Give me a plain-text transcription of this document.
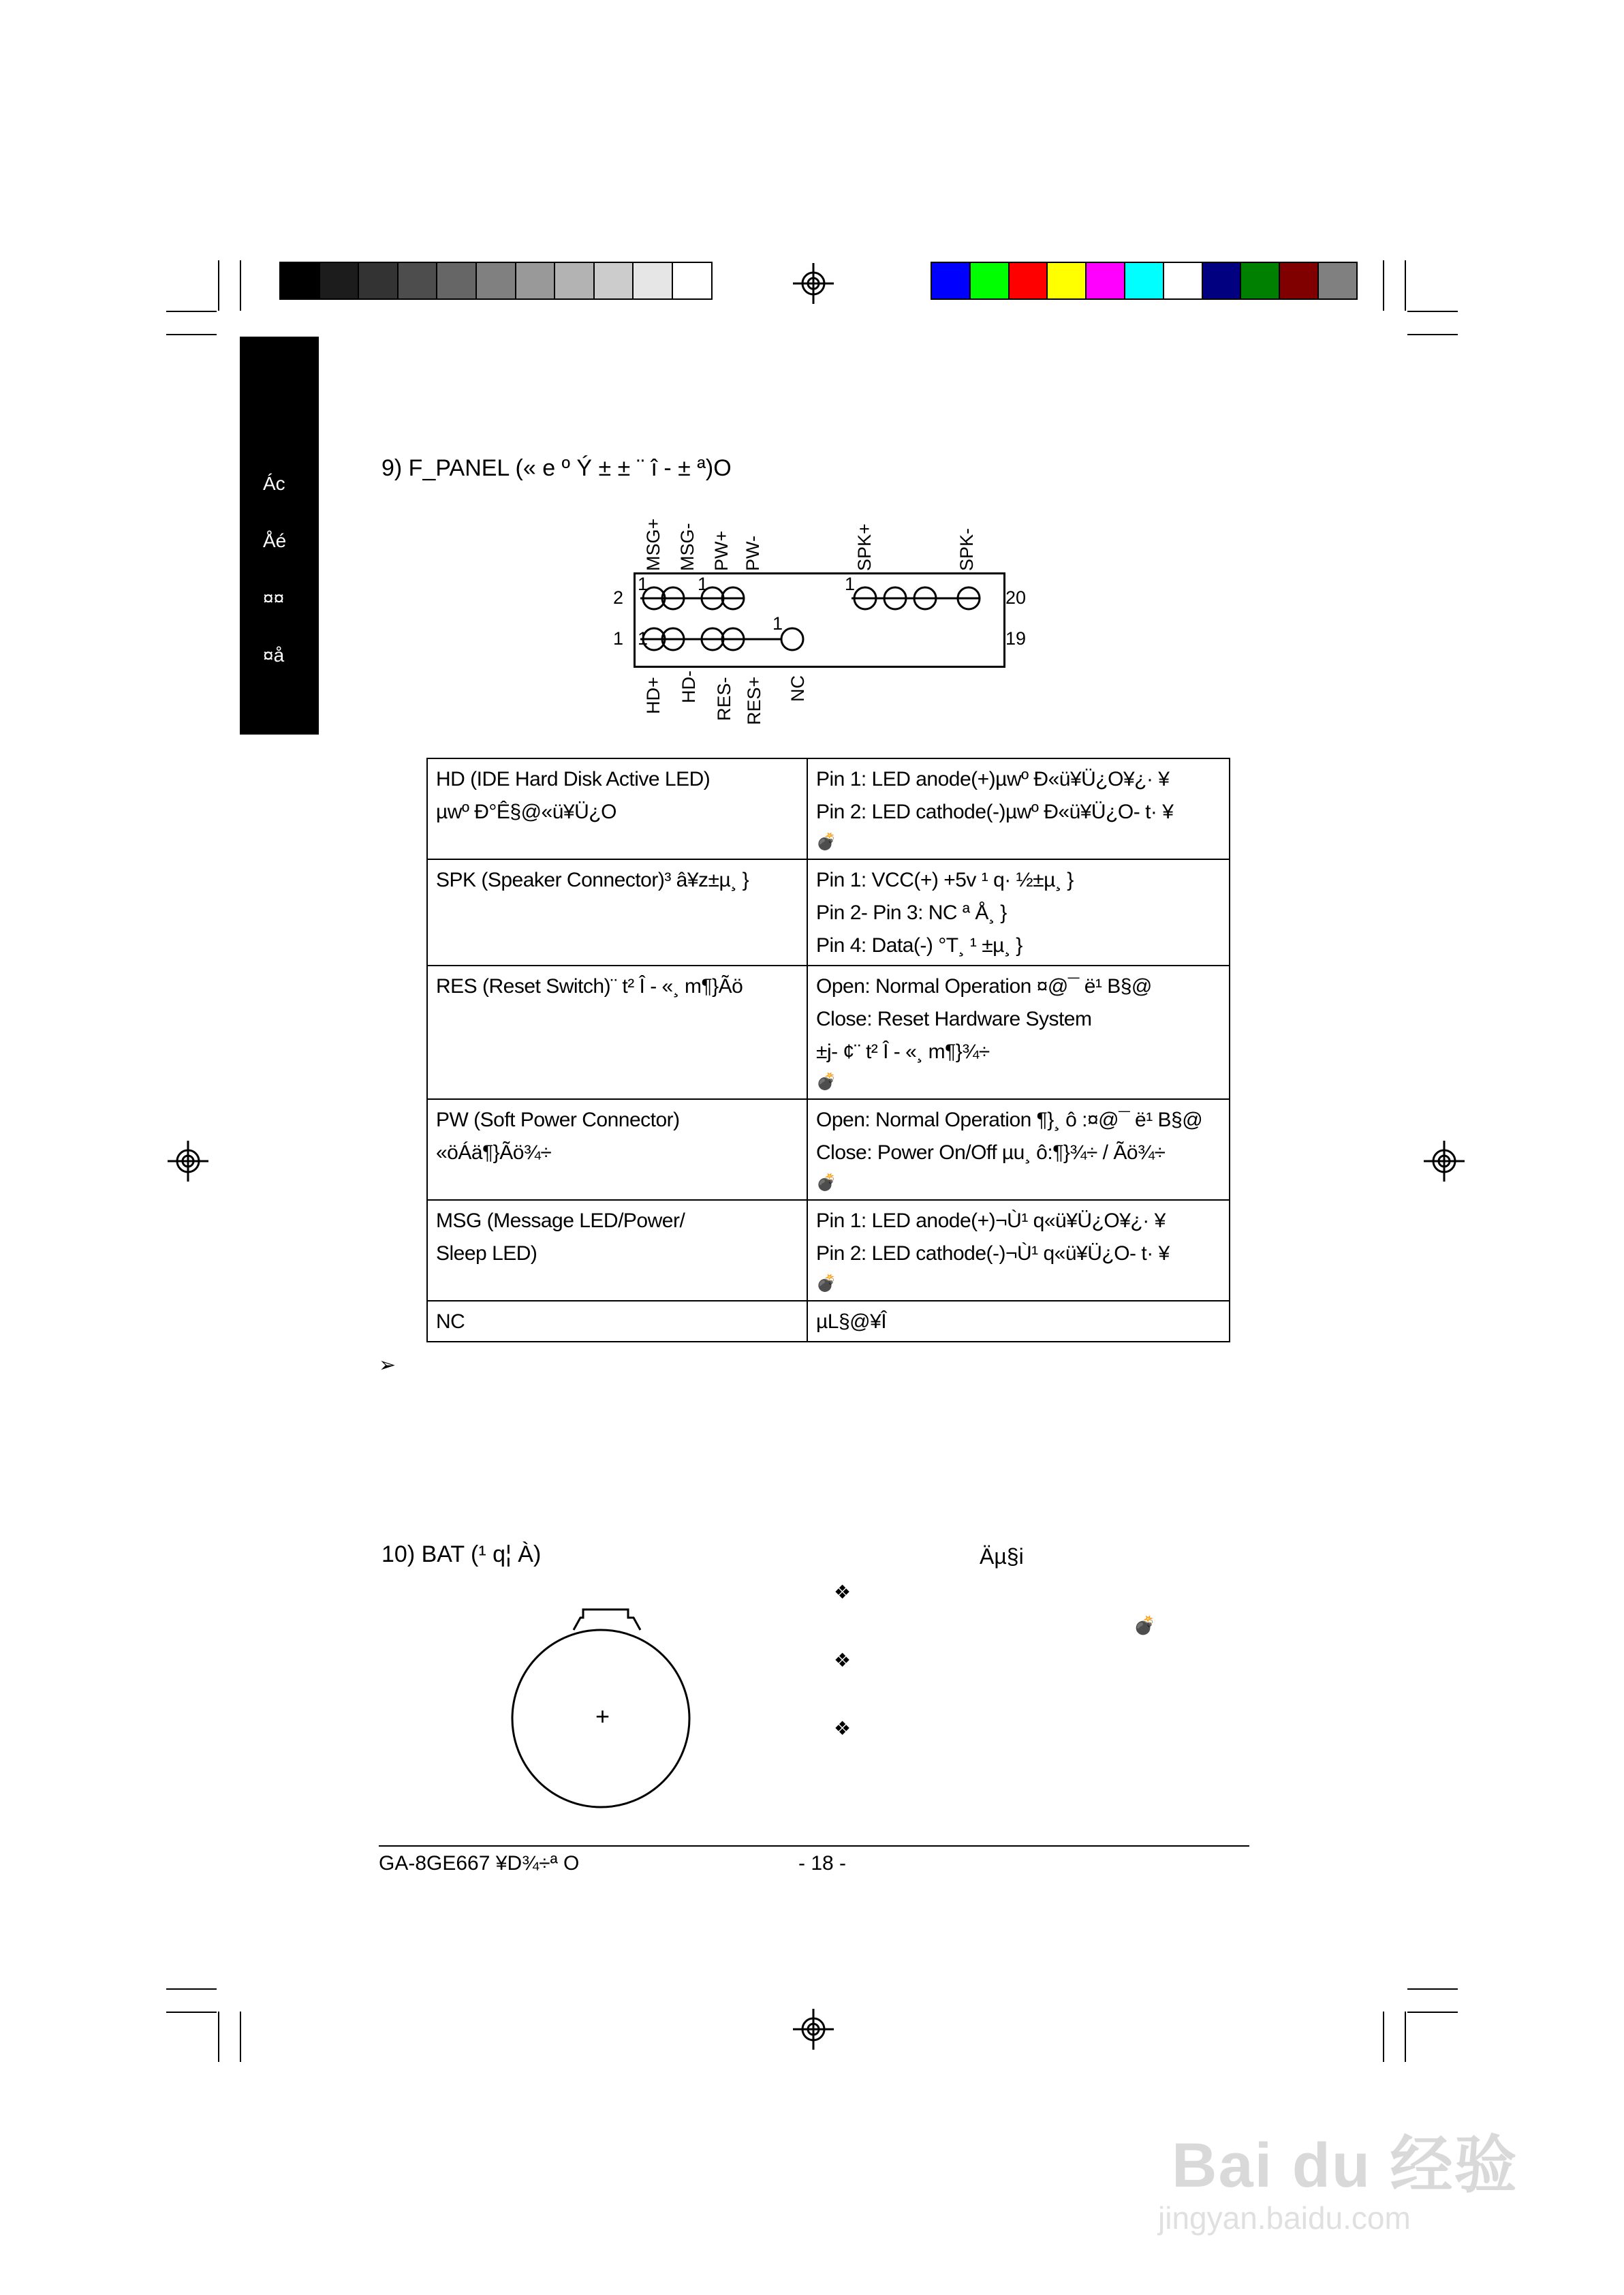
Ác
Åé
¤¤
¤å
9) F_PANEL (« e º Ý ± ± ¨ î - ± ª)O
1	1	1
1
1
2
1
20
19
MSG+ MSG- PW+ PW-	SPK+	SPK-
HD+ HD- RES- RES+ NC
HD (IDE Hard Disk Active LED)
µwº Ð°Ê§@«ü¥Ü¿O	Pin 1: LED anode(+)µwº Ð«ü¥Ü¿O¥¿· ¥
Pin 2: LED cathode(-)µwº Ð«ü¥Ü¿O- t· ¥
💣

SPK (Speaker Connector)³ â¥z±µ¸ }	Pin 1: VCC(+) +5v ¹ q· ½±µ¸ }
Pin 2- Pin 3: NC ª Å¸ }
Pin 4: Data(-) °T¸ ¹ ±µ¸ }

RES (Reset Switch)¨ t² Î - «¸ m¶}Ãö	Open: Normal Operation ¤@¯ ë¹ B§@
Close: Reset Hardware System
±j- ¢¨ t² Î - «¸ m¶}¾÷
💣

PW (Soft Power Connector)
«öÁä¶}Ãö¾÷	Open: Normal Operation ¶}¸ ô :¤@¯ ë¹ B§@
Close: Power On/Off µu¸ ô:¶}¾÷ / Ãö¾÷
💣

MSG (Message LED/Power/
Sleep LED)	Pin 1: LED anode(+)¬Ù¹ q«ü¥Ü¿O¥¿· ¥
Pin 2: LED cathode(-)¬Ù¹ q«ü¥Ü¿O- t· ¥
💣

NC	µL§@¥Î
➢
10) BAT (¹ q¦ À)
+
Äµ§i
❖
❖
❖
💣
GA-8GE667 ¥D¾÷ª O	- 18 -
Bai du 经验
jingyan.baidu.com
